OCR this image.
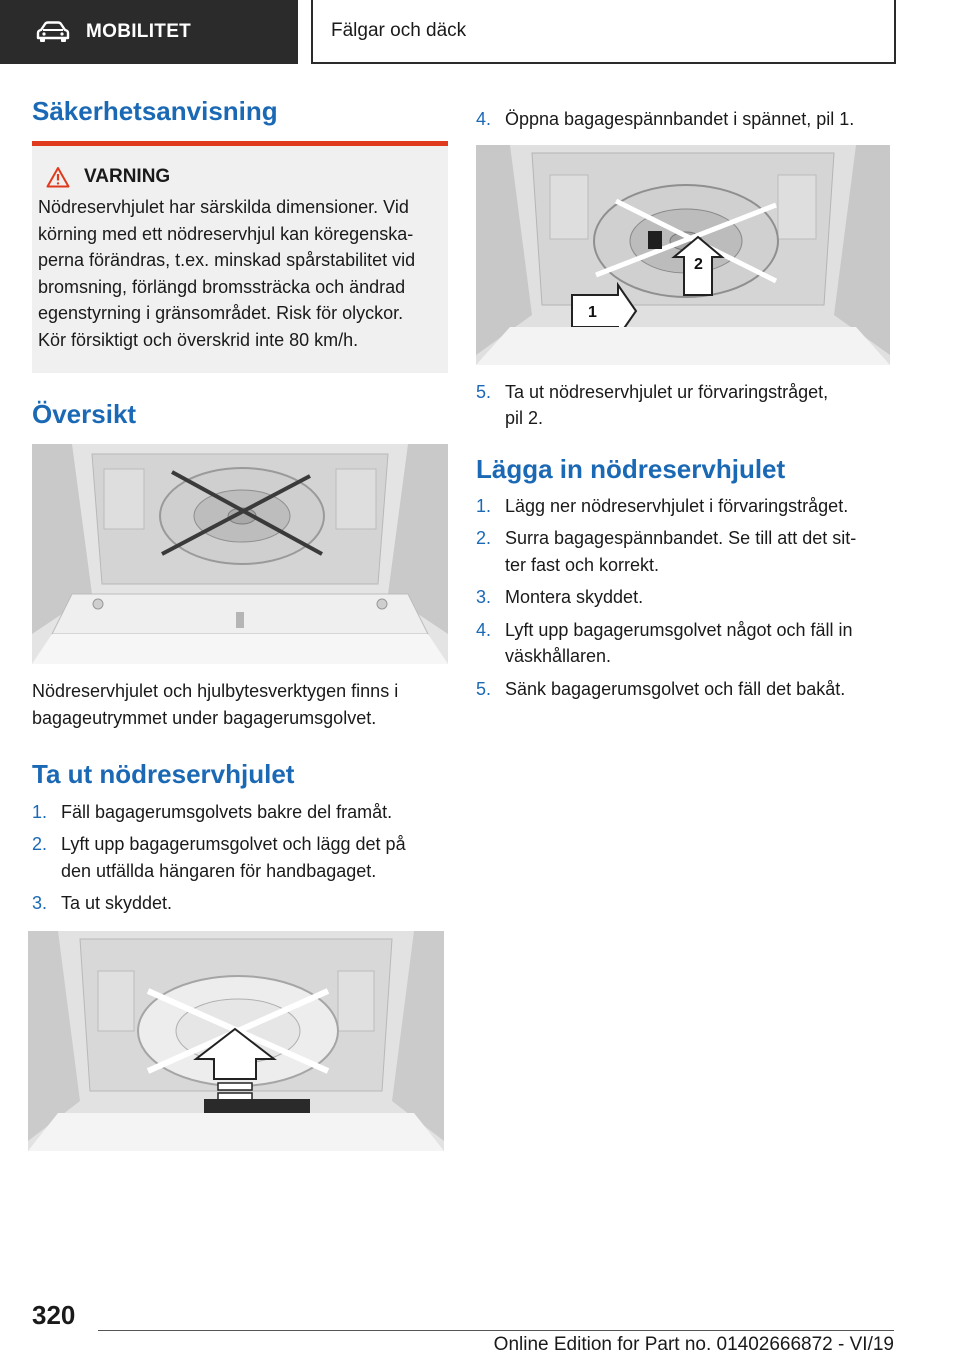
MOBILITET	Fälgar och däck
Säkerhetsanvisning
VARNING
Nödreservhjulet har särskilda dimensioner. Vid
körning med ett nödreservhjul kan köregenska‐
perna förändras, t.ex. minskad spårstabilitet vid
bromsning, förlängd bromssträcka och ändrad
egenstyrning i gränsområdet. Risk för olyckor.
Kör försiktigt och överskrid inte 80 km/h.
Översikt
Nödreservhjulet och hjulbytesverktygen finns i
bagageutrymmet under bagagerumsgolvet.
Ta ut nödreservhjulet
1. Fäll bagagerumsgolvets bakre del framåt.
2. Lyft upp bagagerumsgolvet och lägg det på
den utfällda hängaren för handbagaget.
3. Ta ut skyddet.
4. Öppna bagagespännbandet i spännet, pil 1.
2
1
5. Ta ut nödreservhjulet ur förvaringstråget,
pil 2.
Lägga in nödreservhjulet
1. Lägg ner nödreservhjulet i förvaringstråget.
2. Surra bagagespännbandet. Se till att det sit‐
ter fast och korrekt.
3. Montera skyddet.
4. Lyft upp bagagerumsgolvet något och fäll in
väskhållaren.
5. Sänk bagagerumsgolvet och fäll det bakåt.
320
Online Edition for Part no. 01402666872 - VI/19
